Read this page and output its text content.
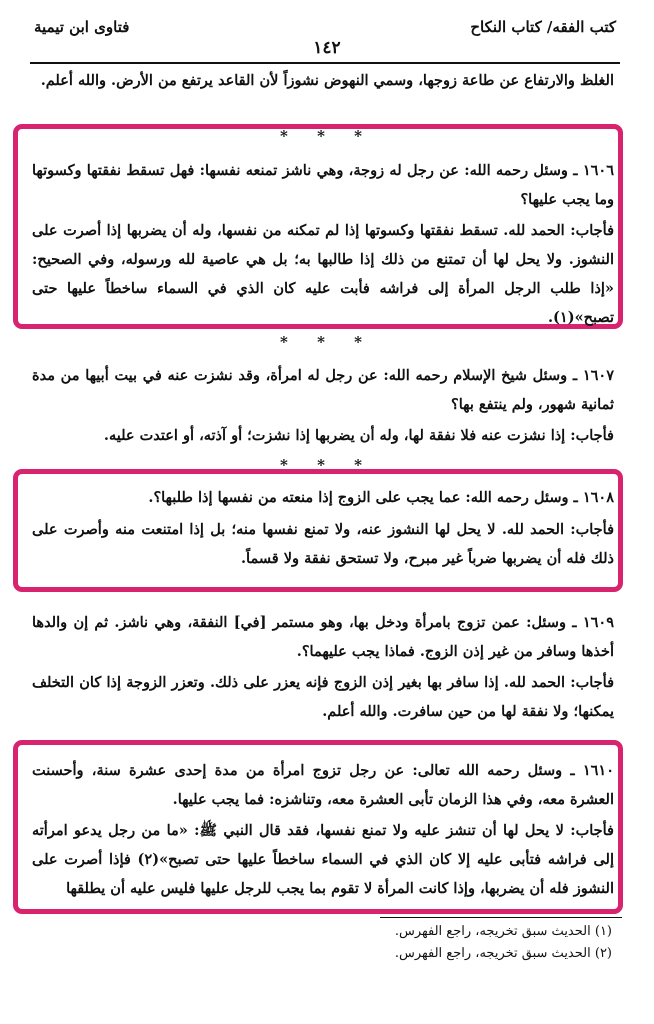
كتب الفقه/ كتاب النكاح
فتاوى ابن تيمية
١٤٢
الغلظ والارتفاع عن طاعة زوجها، وسمي النهوض نشوزاً لأن القاعد يرتفع من الأرض. والله أعلم.
* * *
١٦٠٦ ـ وسئل رحمه الله: عن رجل له زوجة، وهي ناشز تمنعه نفسها: فهل تسقط نفقتها وكسوتها وما يجب عليها؟
فأجاب: الحمد لله. تسقط نفقتها وكسوتها إذا لم تمكنه من نفسها، وله أن يضربها إذا أصرت على النشوز. ولا يحل لها أن تمتنع من ذلك إذا طالبها به؛ بل هي عاصية لله ورسوله، وفي الصحيح: «إذا طلب الرجل المرأة إلى فراشه فأبت عليه كان الذي في السماء ساخطاً عليها حتى تصبح»(١).
* * *
١٦٠٧ ـ وسئل شيخ الإسلام رحمه الله: عن رجل له امرأة، وقد نشزت عنه في بيت أبيها من مدة ثمانية شهور، ولم ينتفع بها؟
فأجاب: إذا نشزت عنه فلا نفقة لها، وله أن يضربها إذا نشزت؛ أو آذته، أو اعتدت عليه.
* * *
١٦٠٨ ـ وسئل رحمه الله: عما يجب على الزوج إذا منعته من نفسها إذا طلبها؟.
فأجاب: الحمد لله. لا يحل لها النشوز عنه، ولا تمنع نفسها منه؛ بل إذا امتنعت منه وأصرت على ذلك فله أن يضربها ضرباً غير مبرح، ولا تستحق نفقة ولا قسماً.
١٦٠٩ ـ وسئل: عمن تزوج بامرأة ودخل بها، وهو مستمر [في] النفقة، وهي ناشز. ثم إن والدها أخذها وسافر من غير إذن الزوج. فماذا يجب عليهما؟.
فأجاب: الحمد لله. إذا سافر بها بغير إذن الزوج فإنه يعزر على ذلك. وتعزر الزوجة إذا كان التخلف يمكنها؛ ولا نفقة لها من حين سافرت. والله أعلم.
١٦١٠ ـ وسئل رحمه الله تعالى: عن رجل تزوج امرأة من مدة إحدى عشرة سنة، وأحسنت العشرة معه، وفي هذا الزمان تأبى العشرة معه، وتناشزه: فما يجب عليها.
فأجاب: لا يحل لها أن تنشز عليه ولا تمنع نفسها، فقد قال النبي ﷺ: «ما من رجل يدعو امرأته إلى فراشه فتأبى عليه إلا كان الذي في السماء ساخطاً عليها حتى تصبح»(٢) فإذا أصرت على النشوز فله أن يضربها، وإذا كانت المرأة لا تقوم بما يجب للرجل عليها فليس عليه أن يطلقها
(١) الحديث سبق تخريجه، راجع الفهرس.
(٢) الحديث سبق تخريجه، راجع الفهرس.
